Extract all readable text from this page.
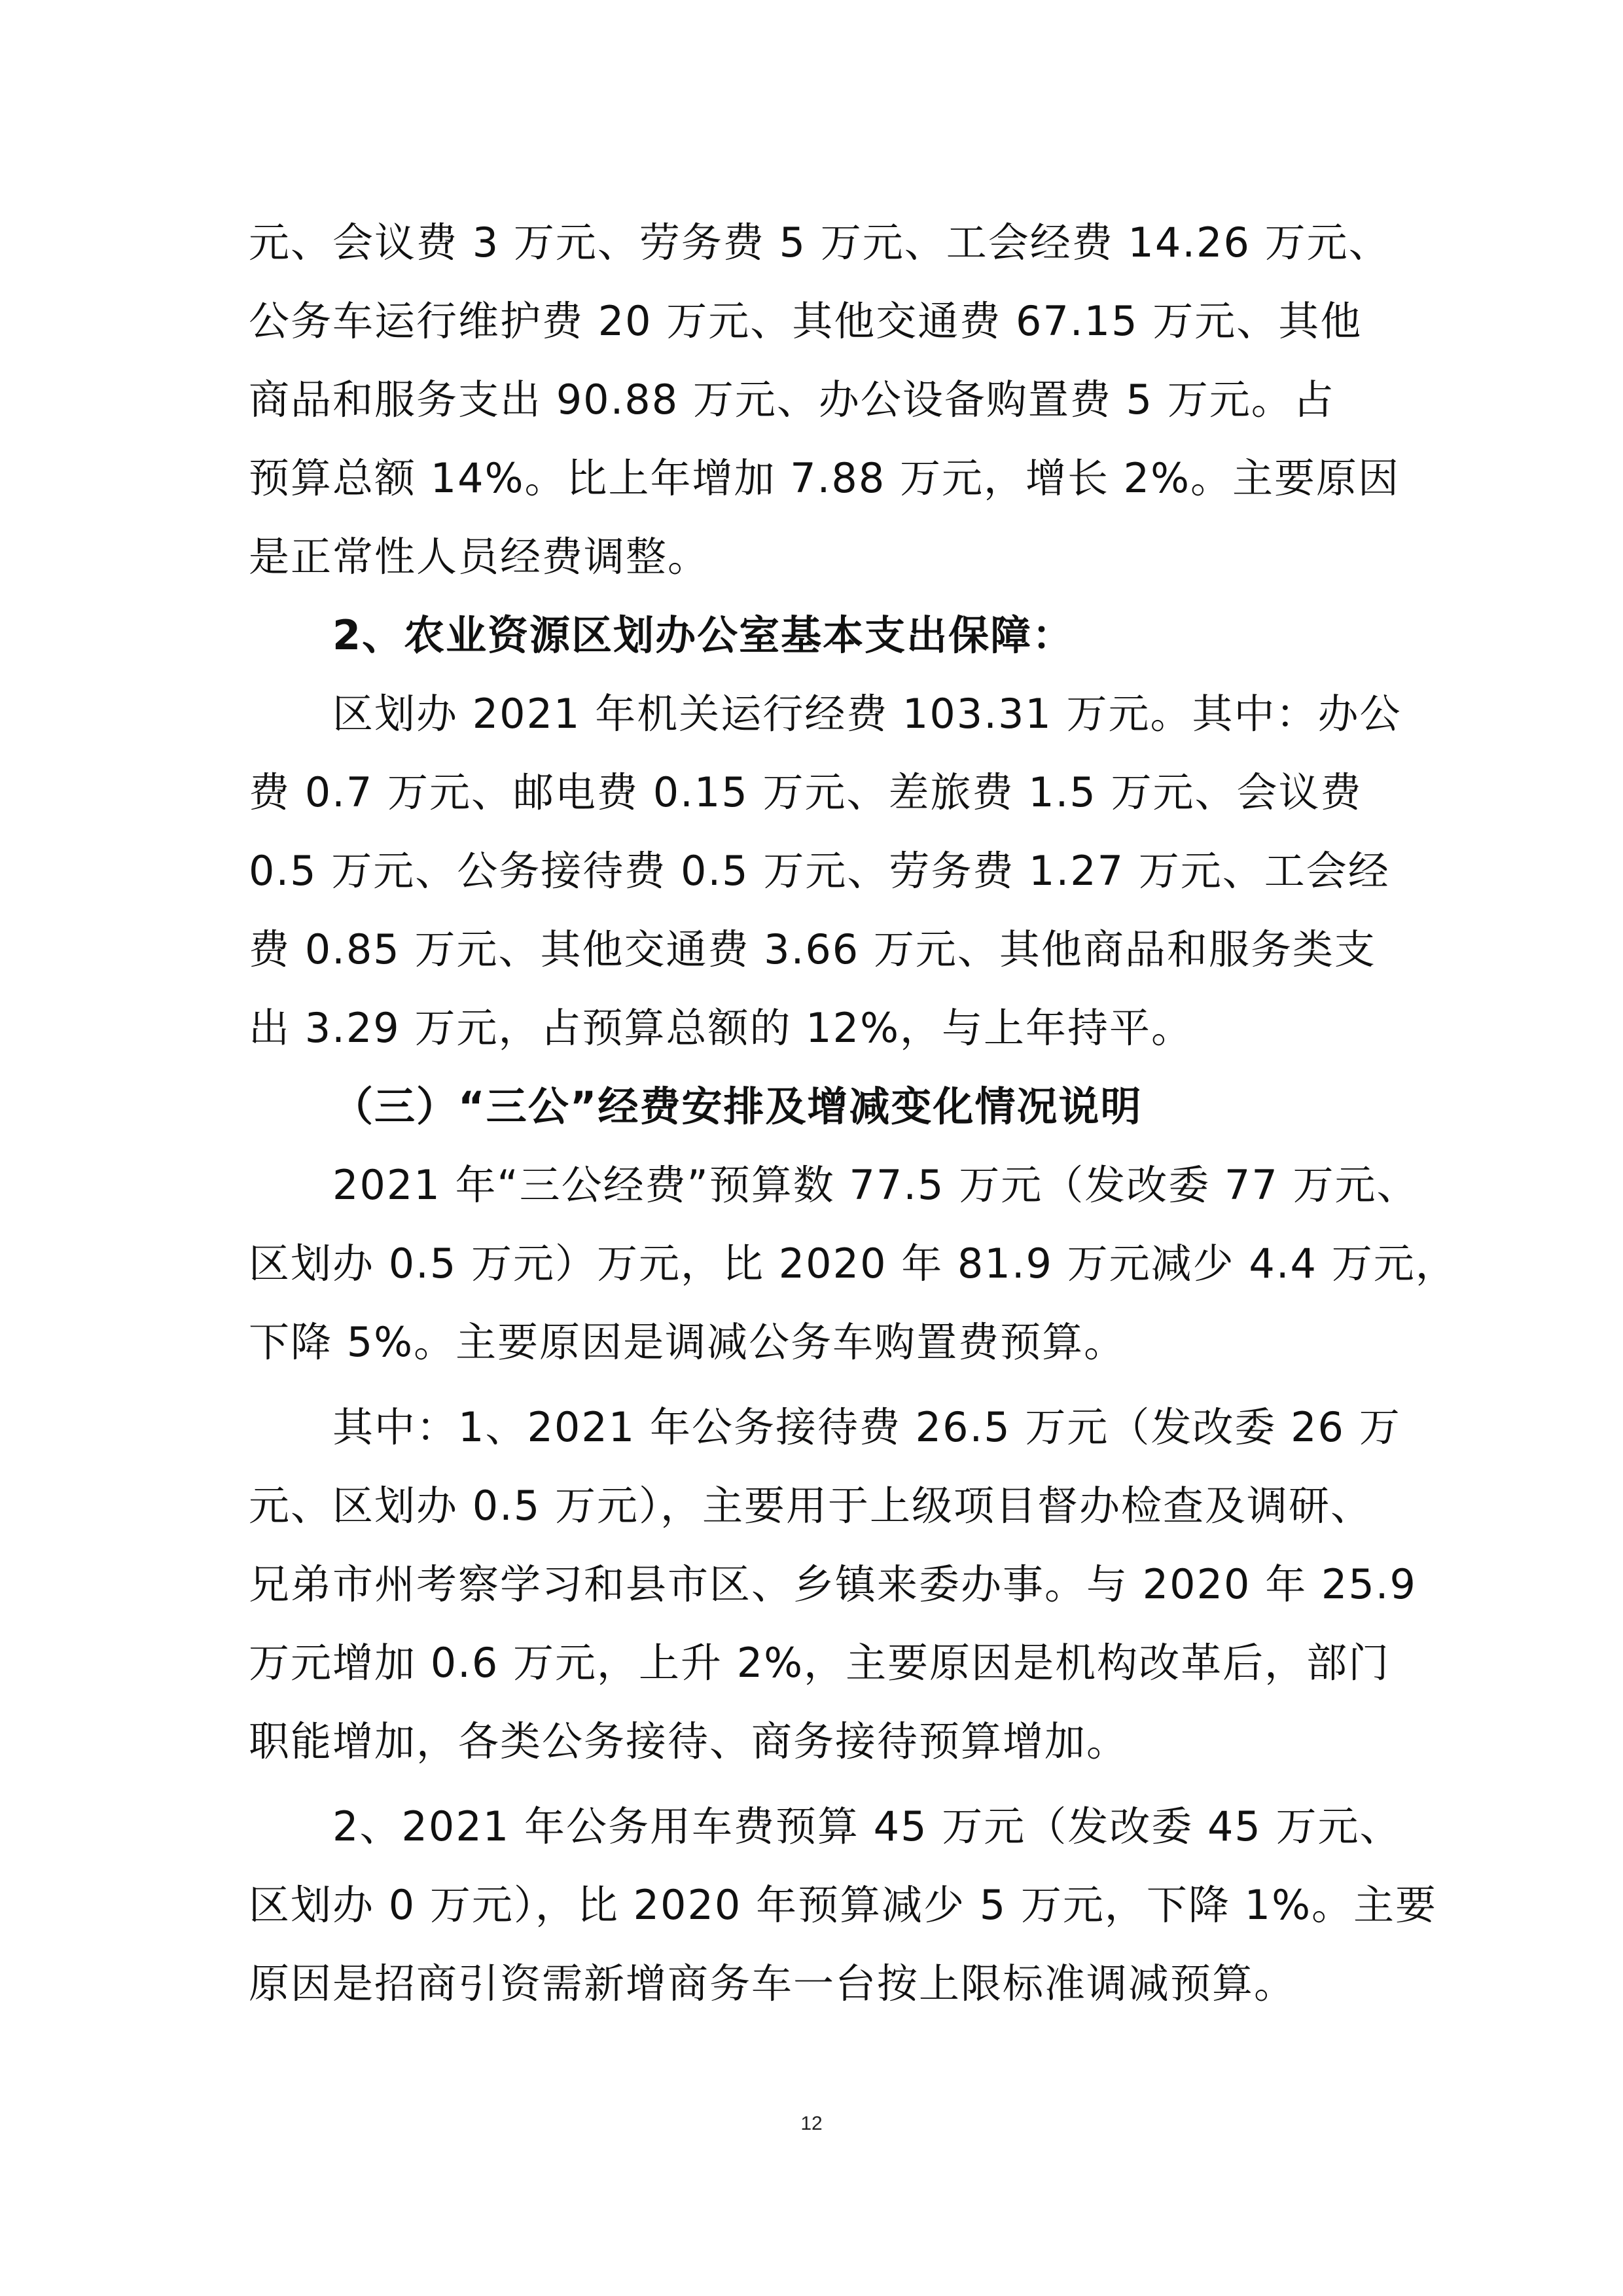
元、会议费 3 万元、劳务费 5 万元、工会经费 14.26 万元、
公务车运行维护费 20 万元、其他交通费 67.15 万元、其他
商品和服务支出 90.88 万元、办公设备购置费 5 万元。占
预算总额 14%。比上年增加 7.88 万元，增长 2%。主要原因
是正常性人员经费调整。
2、农业资源区划办公室基本支出保障：
区划办 2021 年机关运行经费 103.31 万元。其中：办公
费 0.7 万元、邮电费 0.15 万元、差旅费 1.5 万元、会议费
0.5 万元、公务接待费 0.5 万元、劳务费 1.27 万元、工会经
费 0.85 万元、其他交通费 3.66 万元、其他商品和服务类支
出 3.29 万元，占预算总额的 12%，与上年持平。
（三）“三公”经费安排及增减变化情况说明
2021 年“三公经费”预算数 77.5 万元（发改委 77 万元、
区划办 0.5 万元）万元，比 2020 年 81.9 万元减少 4.4 万元，
下降 5%。主要原因是调减公务车购置费预算。
其中：1、2021 年公务接待费 26.5 万元（发改委 26 万
元、区划办 0.5 万元），主要用于上级项目督办检查及调研、
兄弟市州考察学习和县市区、乡镇来委办事。与 2020 年 25.9
万元增加 0.6 万元，上升 2%，主要原因是机构改革后，部门
职能增加，各类公务接待、商务接待预算增加。
2、2021 年公务用车费预算 45 万元（发改委 45 万元、
区划办 0 万元），比 2020 年预算减少 5 万元，下降 1%。主要
原因是招商引资需新增商务车一台按上限标准调减预算。
12
